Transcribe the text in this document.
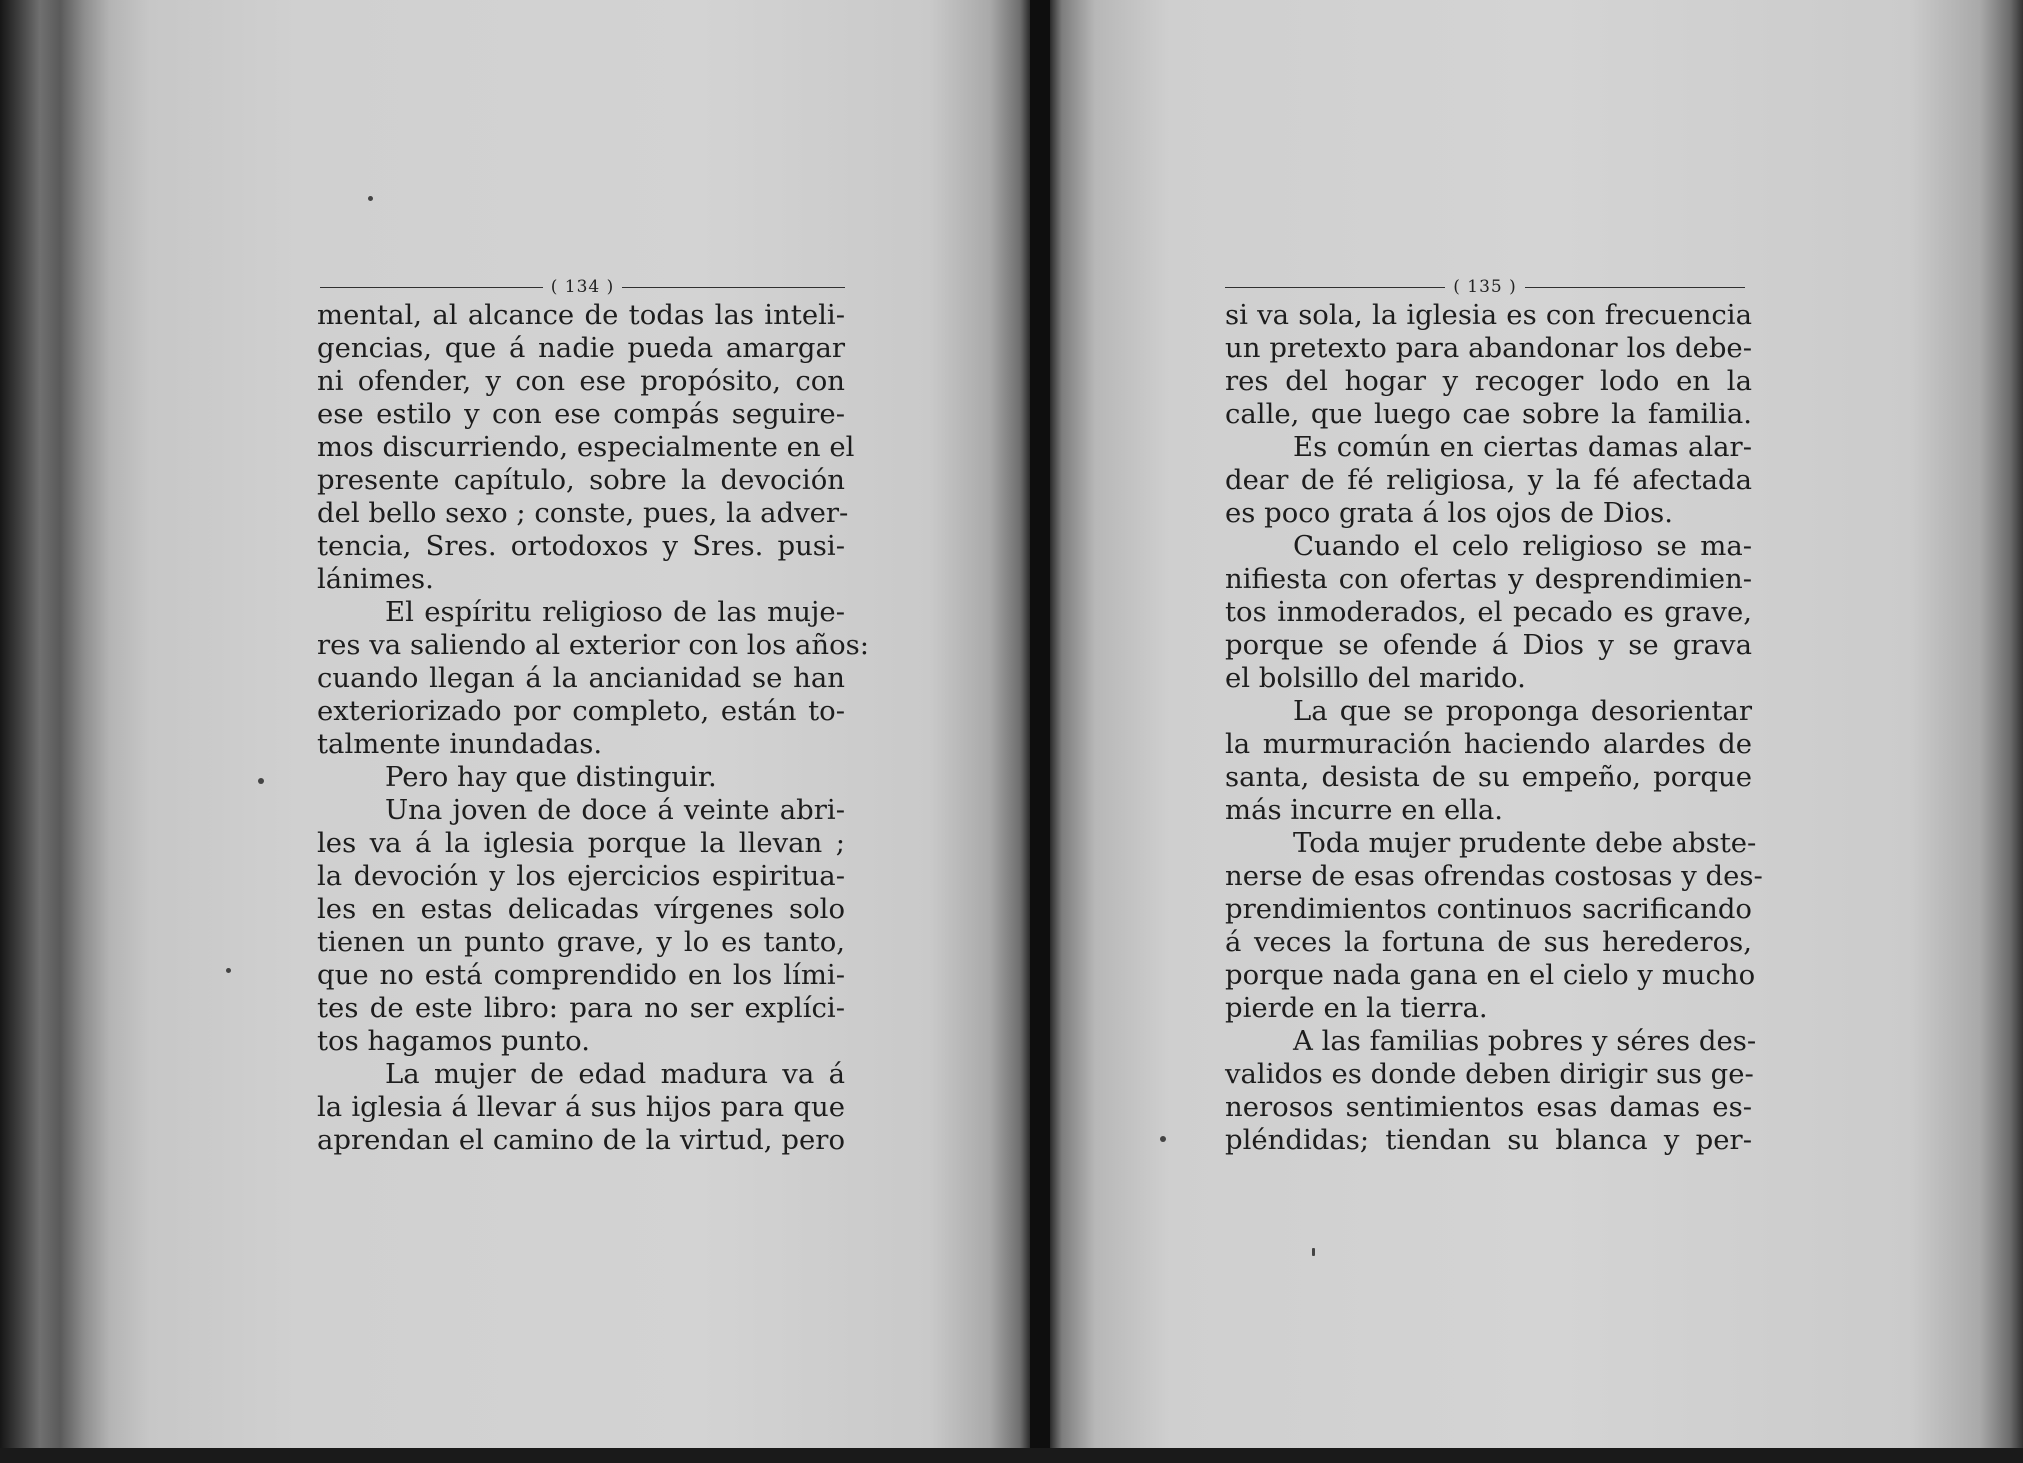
( 134 )
mental, al alcance de todas las inteli-
gencias, que á nadie pueda amargar
ni ofender, y con ese propósito, con
ese estilo y con ese compás seguire-
mos discurriendo, especialmente en el
presente capítulo, sobre la devoción
del bello sexo ; conste, pues, la adver-
tencia, Sres. ortodoxos y Sres. pusi-
lánimes.
El espíritu religioso de las muje-
res va saliendo al exterior con los años:
cuando llegan á la ancianidad se han
exteriorizado por completo, están to-
talmente inundadas.
Pero hay que distinguir.
Una joven de doce á veinte abri-
les va á la iglesia porque la llevan ;
la devoción y los ejercicios espiritua-
les en estas delicadas vírgenes solo
tienen un punto grave, y lo es tanto,
que no está comprendido en los lími-
tes de este libro: para no ser explíci-
tos hagamos punto.
La mujer de edad madura va á
la iglesia á llevar á sus hijos para que
aprendan el camino de la virtud, pero
( 135 )
si va sola, la iglesia es con frecuencia
un pretexto para abandonar los debe-
res del hogar y recoger lodo en la
calle, que luego cae sobre la familia.
Es común en ciertas damas alar-
dear de fé religiosa, y la fé afectada
es poco grata á los ojos de Dios.
Cuando el celo religioso se ma-
nifiesta con ofertas y desprendimien-
tos inmoderados, el pecado es grave,
porque se ofende á Dios y se grava
el bolsillo del marido.
La que se proponga desorientar
la murmuración haciendo alardes de
santa, desista de su empeño, porque
más incurre en ella.
Toda mujer prudente debe abste-
nerse de esas ofrendas costosas y des-
prendimientos continuos sacrificando
á veces la fortuna de sus herederos,
porque nada gana en el cielo y mucho
pierde en la tierra.
A las familias pobres y séres des-
validos es donde deben dirigir sus ge-
nerosos sentimientos esas damas es-
pléndidas; tiendan su blanca y per-
